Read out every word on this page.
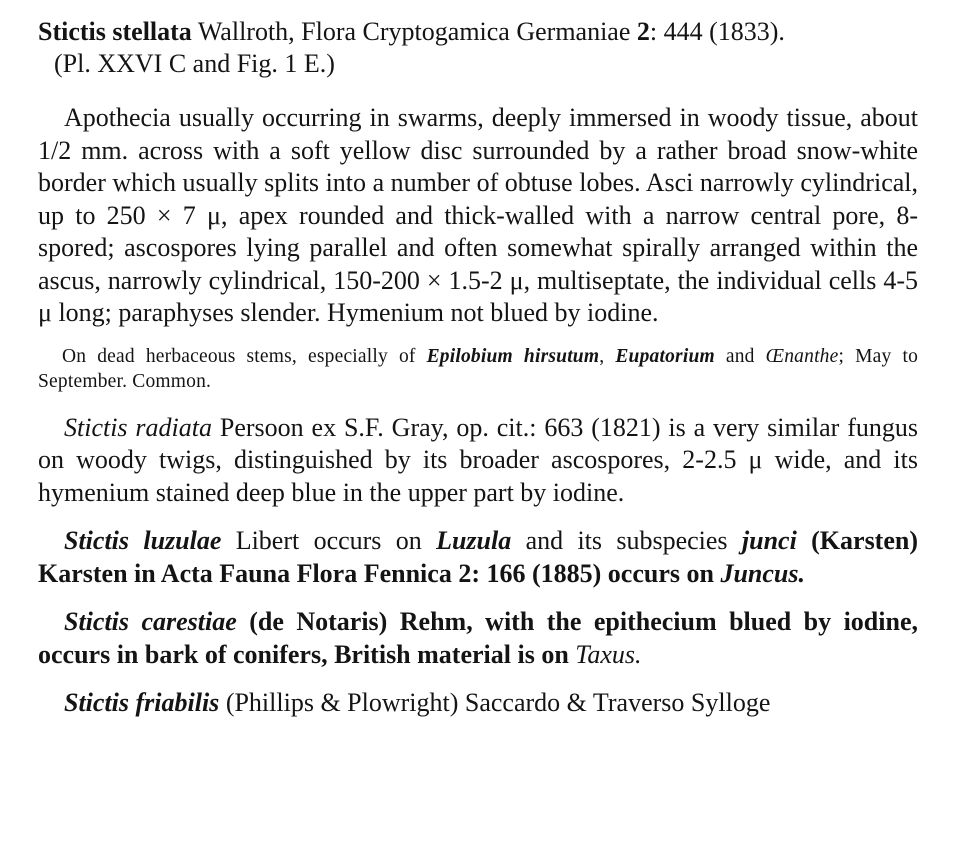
Stictis stellata Wallroth, Flora Cryptogamica Germaniae 2: 444 (1833).
(Pl. XXVI C and Fig. 1 E.)

Apothecia usually occurring in swarms, deeply immersed in woody tissue, about 1/2 mm. across with a soft yellow disc surrounded by a rather broad snow-white border which usually splits into a number of obtuse lobes. Asci narrowly cylindrical, up to 250 × 7 μ, apex rounded and thick-walled with a narrow central pore, 8-spored; ascospores lying parallel and often somewhat spirally arranged within the ascus, narrowly cylindrical, 150-200 × 1.5-2 μ, multiseptate, the individual cells 4-5 μ long; paraphyses slender. Hymenium not blued by iodine.

On dead herbaceous stems, especially of Epilobium hirsutum, Eupatorium and Œnanthe; May to September. Common.

Stictis radiata Persoon ex S.F. Gray, op. cit.: 663 (1821) is a very similar fungus on woody twigs, distinguished by its broader ascospores, 2-2.5 μ wide, and its hymenium stained deep blue in the upper part by iodine.

Stictis luzulae Libert occurs on Luzula and its subspecies junci (Karsten) Karsten in Acta Fauna Flora Fennica 2: 166 (1885) occurs on Juncus.

Stictis carestiae (de Notaris) Rehm, with the epithecium blued by iodine, occurs in bark of conifers, British material is on Taxus.

Stictis friabilis (Phillips & Plowright) Saccardo & Traverso Sylloge
